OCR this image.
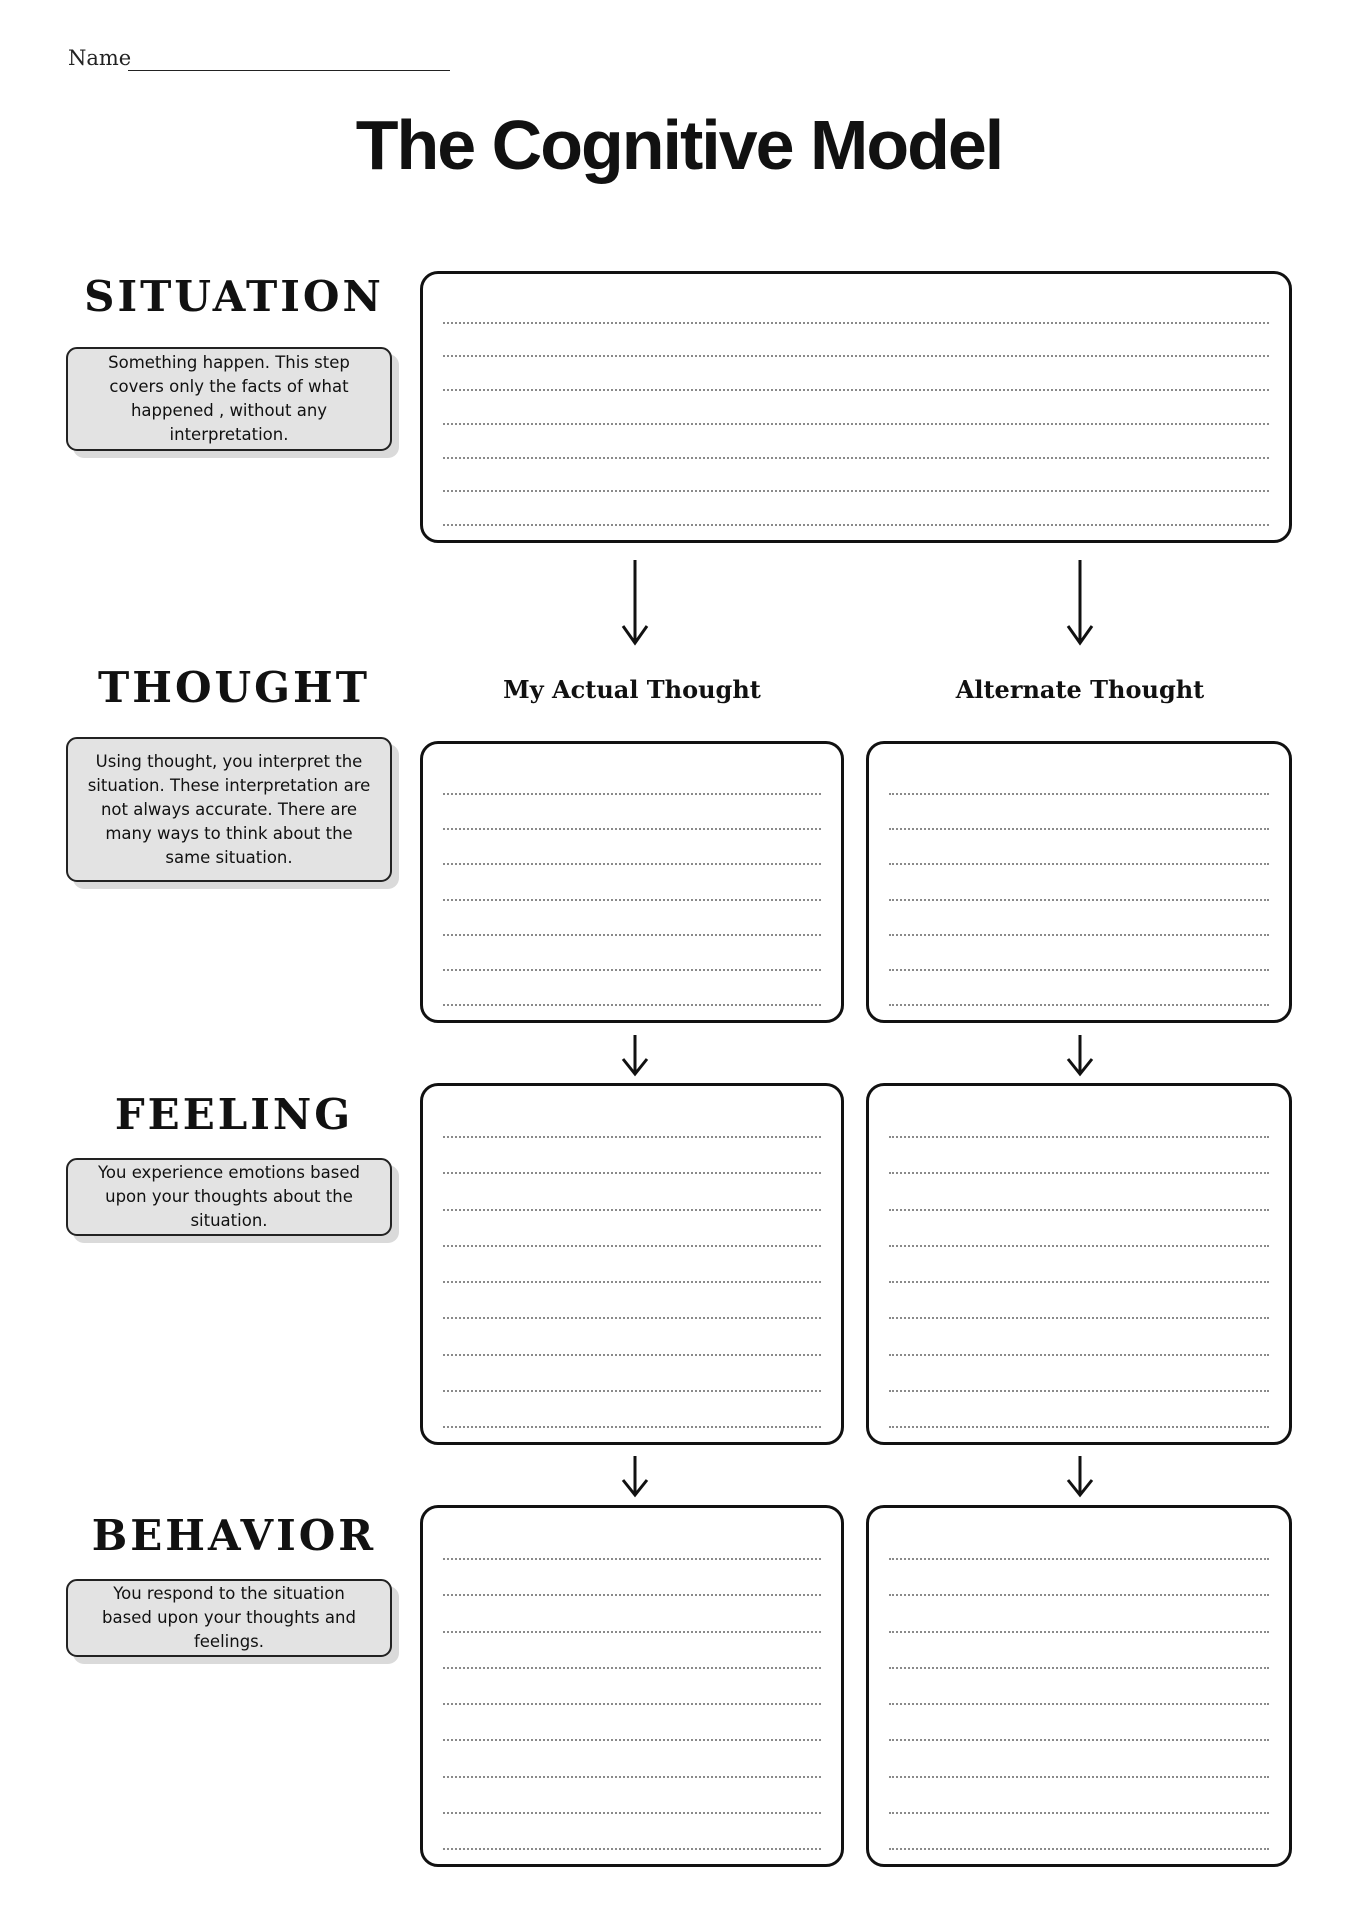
Name
The Cognitive Model
SITUATION
Something happen. This step covers only the facts of what happened , without any interpretation.
THOUGHT
Using thought, you interpret the situation. These interpretation are not always accurate. There are many ways to think about the same situation.
My Actual Thought	Alternate Thought
FEELING
You experience emotions based upon your thoughts about the situation.
BEHAVIOR
You respond to the situation based upon your thoughts and feelings.
